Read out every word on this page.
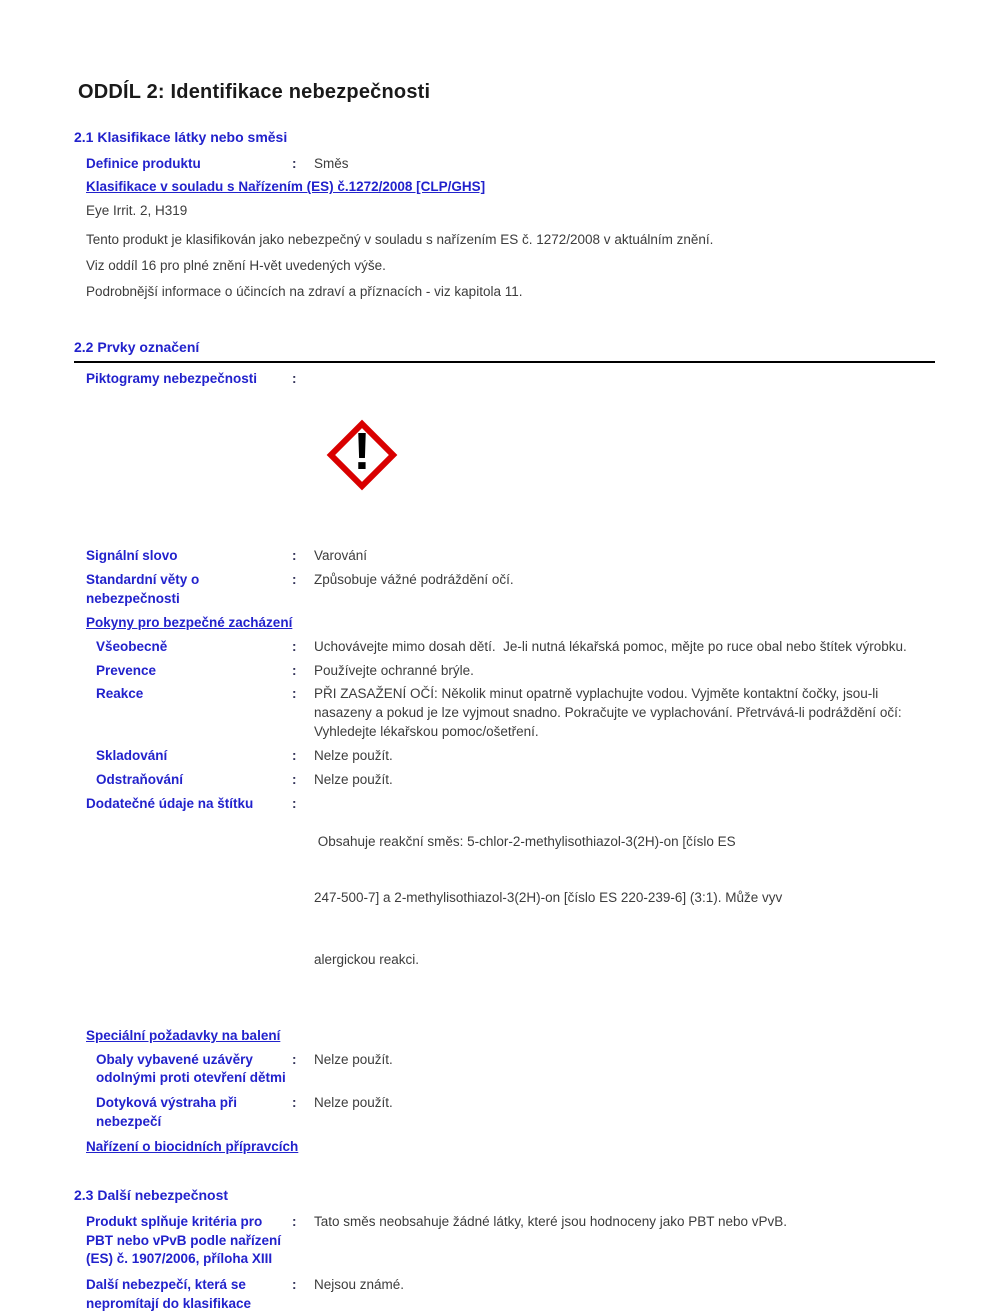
ODDÍL 2: Identifikace nebezpečnosti
2.1 Klasifikace látky nebo směsi
Definice produktu :	Směs
Klasifikace v souladu s Nařízením (ES) č.1272/2008 [CLP/GHS]
Eye Irrit. 2, H319
Tento produkt je klasifikován jako nebezpečný v souladu s nařízením ES č. 1272/2008 v aktuálním znění.
Viz oddíl 16 pro plné znění H-vět uvedených výše.
Podrobnější informace o účincích na zdraví a příznacích - viz kapitola 11.
2.2 Prvky označení
Piktogramy nebezpečnosti
:

!

Signální slovo :	Varování
Standardní věty o nebezpečnosti
:
Způsobuje vážné podráždění očí.
Pokyny pro bezpečné zacházení
Všeobecně :	Uchovávejte mimo dosah dětí.  Je-li nutná lékařská pomoc, mějte po ruce obal nebo štítek výrobku.
Prevence :	Používejte ochranné brýle.
Reakce :	PŘI ZASAŽENÍ OČÍ: Několik minut opatrně vyplachujte vodou. Vyjměte kontaktní čočky, jsou-li nasazeny a pokud je lze vyjmout snadno. Pokračujte ve vyplachování. Přetrvává-li podráždění očí: Vyhledejte lékařskou pomoc/ošetření.
Skladování :	Nelze použít.
Odstraňování :	Nelze použít.
Dodatečné údaje na štítku
:

Obsahuje reakční směs: 5-chlor-2-methylisothiazol-3(2H)-on [číslo ES

247-500-7] a 2-methylisothiazol-3(2H)-on [číslo ES 220-239-6] (3:1). Může vyv

alergickou reakci.

Speciální požadavky na balení
Obaly vybavené uzávěry odolnými proti otevření dětmi
:
Nelze použít.
Dotyková výstraha při nebezpečí
:
Nelze použít.
Nařízení o biocidních přípravcích
2.3 Další nebezpečnost
Produkt splňuje kritéria pro PBT nebo vPvB podle nařízení (ES) č. 1907/2006, příloha XIII
:
Tato směs neobsahuje žádné látky, které jsou hodnoceny jako PBT nebo vPvB.
Další nebezpečí, která se nepromítají do klasifikace
:
Nejsou známé.
